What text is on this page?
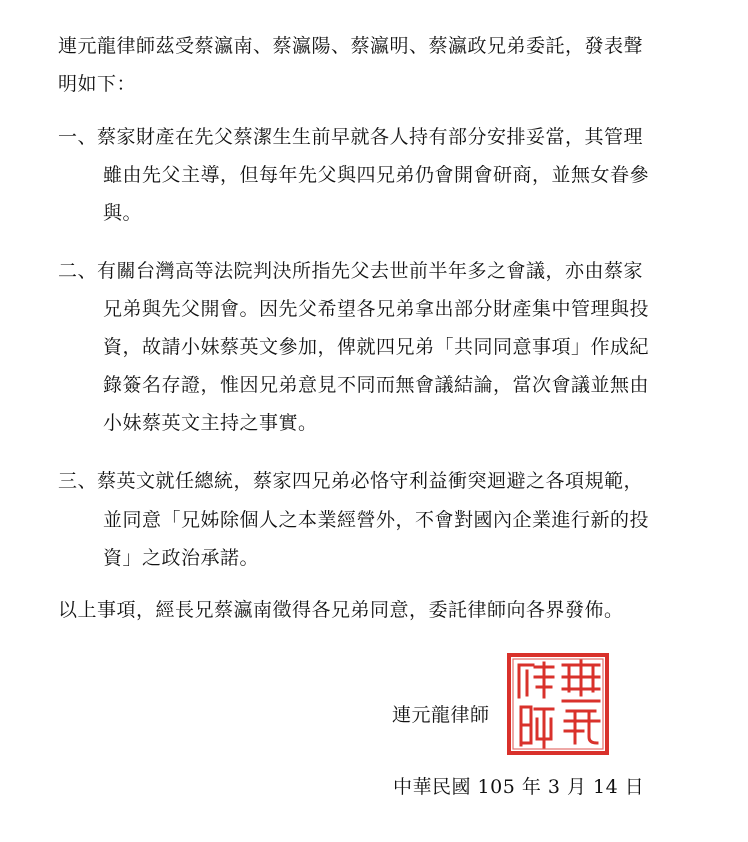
連元龍律師茲受蔡瀛南、蔡瀛陽、蔡瀛明、蔡瀛政兄弟委託，發表聲
明如下：
一、蔡家財產在先父蔡潔生生前早就各人持有部分安排妥當，其管理
雖由先父主導，但每年先父與四兄弟仍會開會研商，並無女眷參
與。
二、有關台灣高等法院判決所指先父去世前半年多之會議，亦由蔡家
兄弟與先父開會。因先父希望各兄弟拿出部分財產集中管理與投
資，故請小妹蔡英文參加，俾就四兄弟「共同同意事項」作成紀
錄簽名存證，惟因兄弟意見不同而無會議結論，當次會議並無由
小妹蔡英文主持之事實。
三、蔡英文就任總統，蔡家四兄弟必恪守利益衝突迴避之各項規範，
並同意「兄姊除個人之本業經營外，不會對國內企業進行新的投
資」之政治承諾。
以上事項，經長兄蔡瀛南徵得各兄弟同意，委託律師向各界發佈。
連元龍律師
中華民國 105 年 3 月 14 日
